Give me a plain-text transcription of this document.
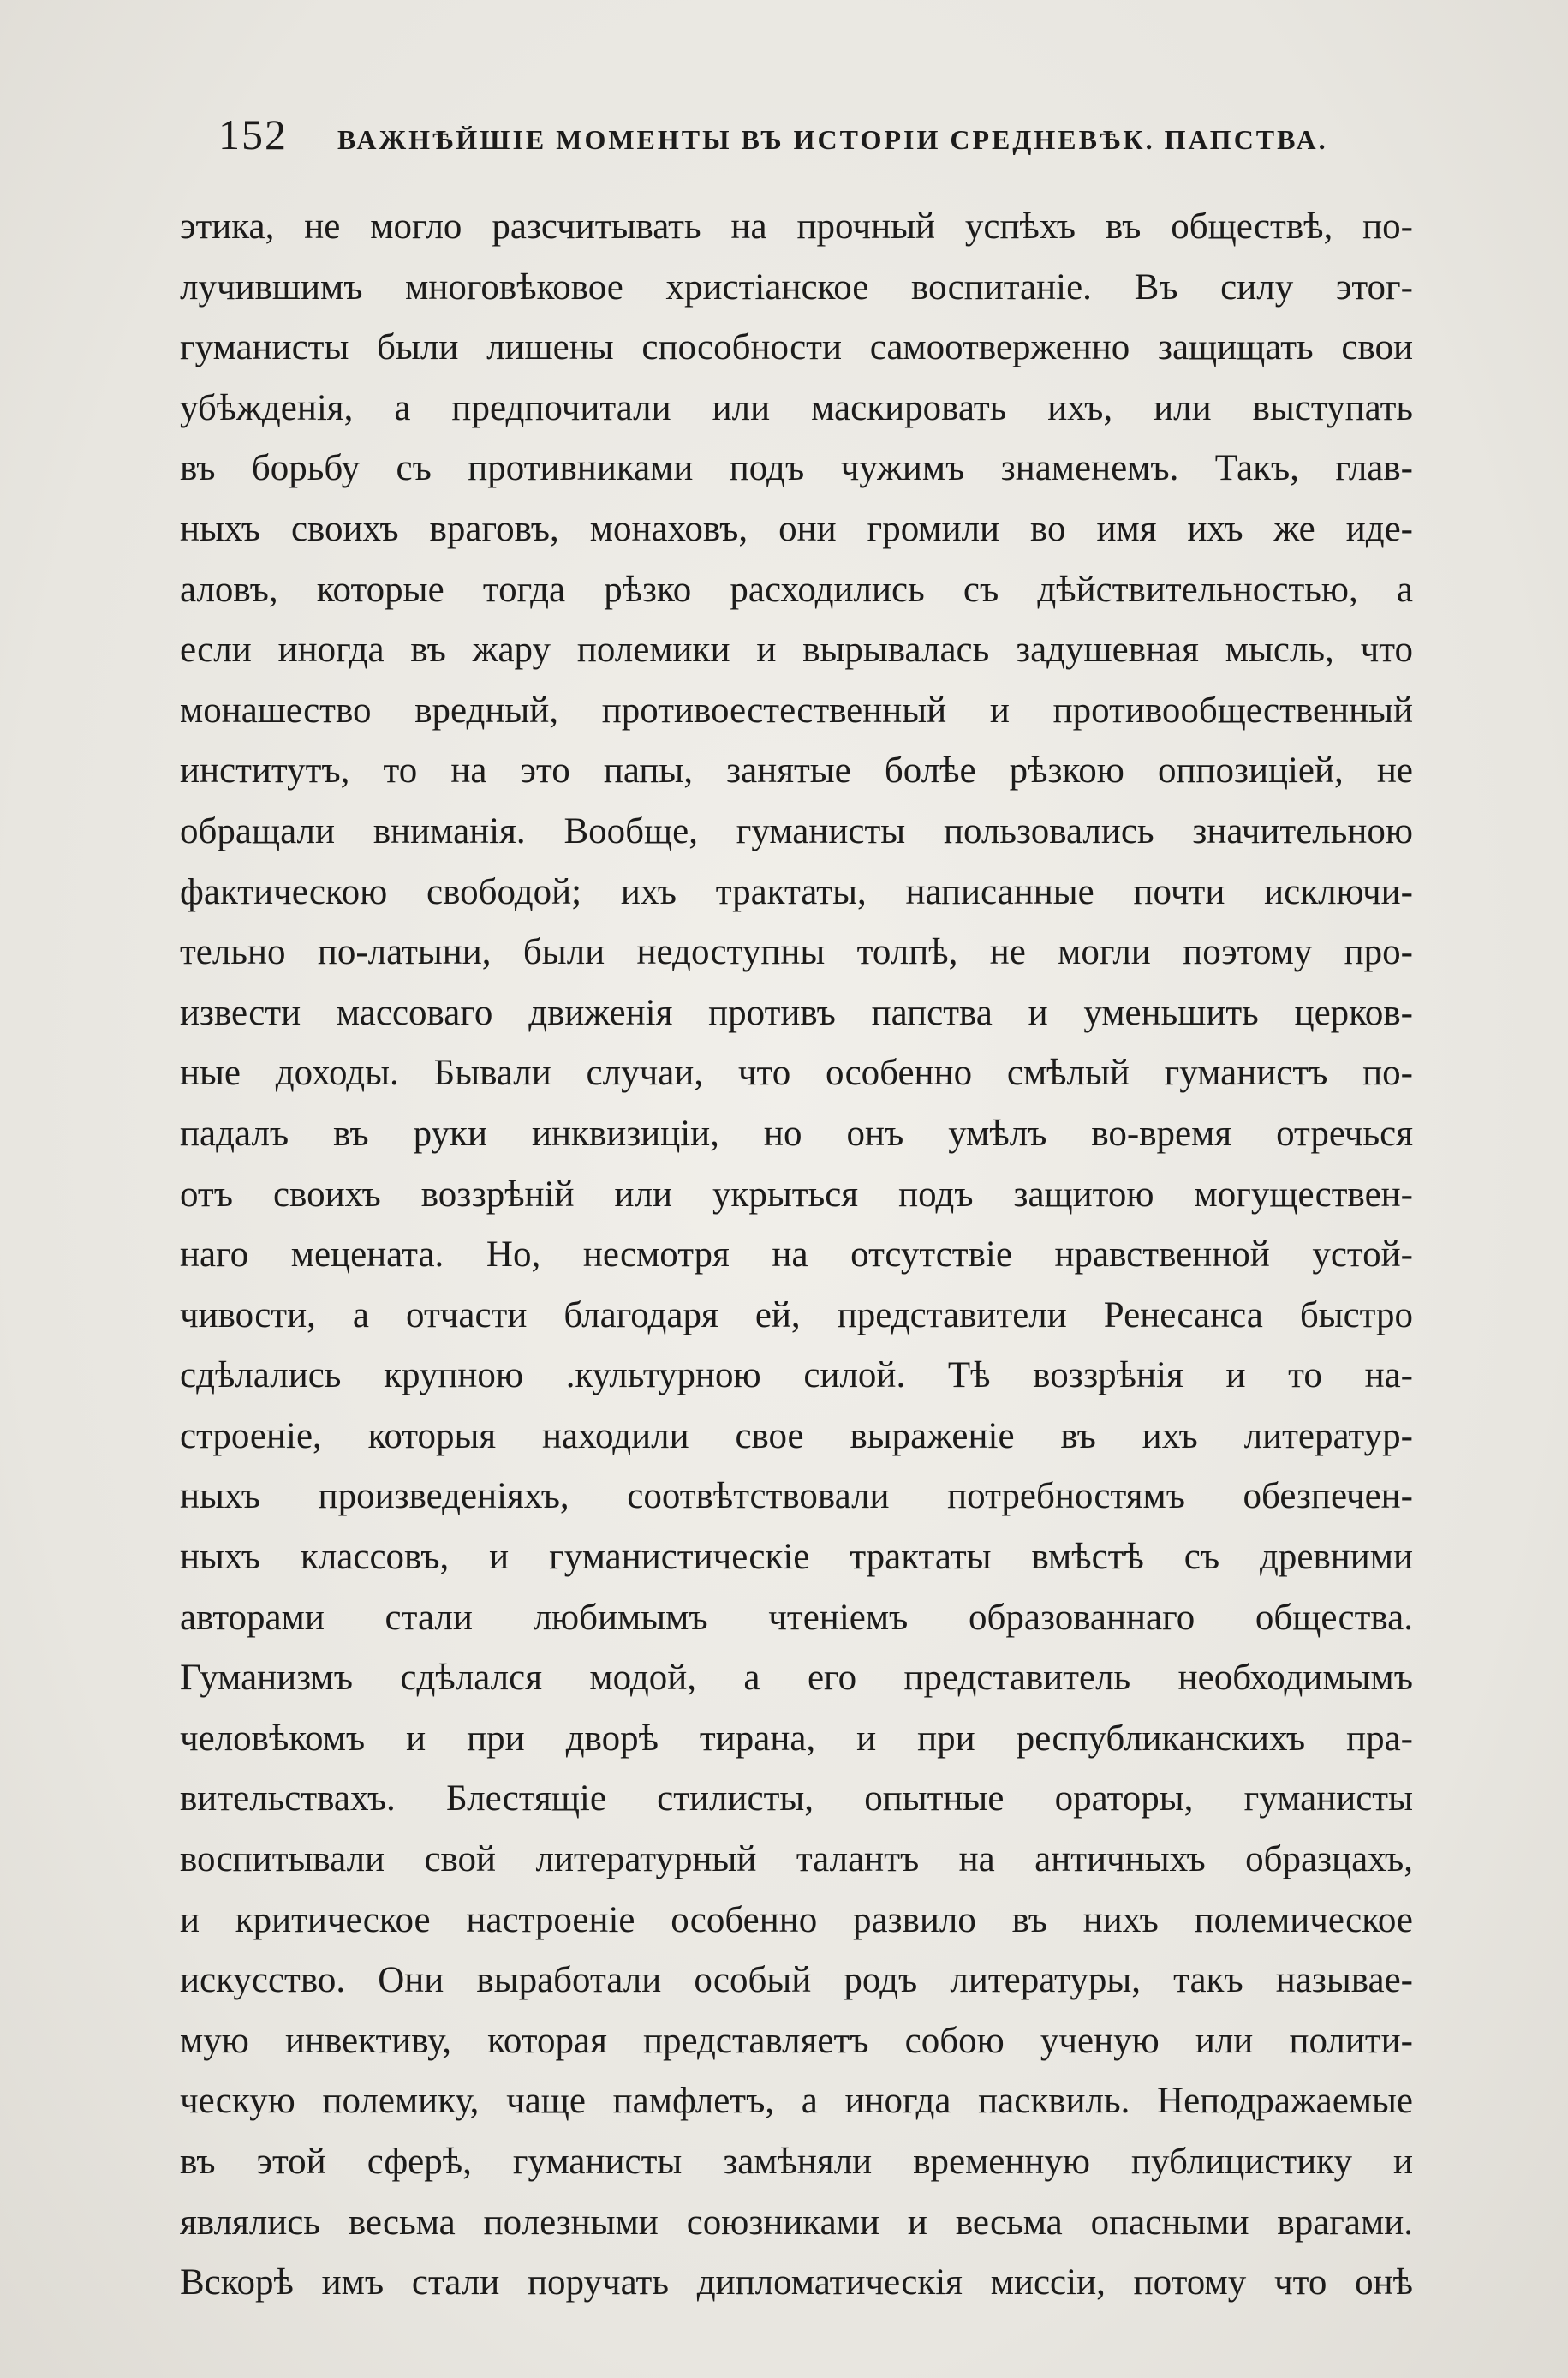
152 ВАЖНѢЙШІЕ МОМЕНТЫ ВЪ ИСТОРІИ СРЕДНЕВѢК. ПАПСТВА.
этика, не могло разсчитывать на прочный успѣхъ въ обществѣ, по-
лучившимъ многовѣковое христіанское воспитаніе. Въ силу этог-
гуманисты были лишены способности самоотверженно защищать свои
убѣжденія, а предпочитали или маскировать ихъ, или выступать
въ борьбу съ противниками подъ чужимъ знаменемъ. Такъ, глав-
ныхъ своихъ враговъ, монаховъ, они громили во имя ихъ же иде-
аловъ, которые тогда рѣзко расходились съ дѣйствительностью, а
если иногда въ жару полемики и вырывалась задушевная мысль, что
монашество вредный, противоестественный и противообщественный
институтъ, то на это папы, занятые болѣе рѣзкою оппозиціей, не
обращали вниманія. Вообще, гуманисты пользовались значительною
фактическою свободой; ихъ трактаты, написанные почти исключи-
тельно по-латыни, были недоступны толпѣ, не могли поэтому про-
извести массоваго движенія противъ папства и уменьшить церков-
ные доходы. Бывали случаи, что особенно смѣлый гуманистъ по-
падалъ въ руки инквизиціи, но онъ умѣлъ во-время отречься
отъ своихъ воззрѣній или укрыться подъ защитою могуществен-
наго мецената. Но, несмотря на отсутствіе нравственной устой-
чивости, а отчасти благодаря ей, представители Ренесанса быстро
сдѣлались крупною .культурною силой. Тѣ воззрѣнія и то на-
строеніе, которыя находили свое выраженіе въ ихъ литератур-
ныхъ произведеніяхъ, соотвѣтствовали потребностямъ обезпечен-
ныхъ классовъ, и гуманистическіе трактаты вмѣстѣ съ древними
авторами стали любимымъ чтеніемъ образованнаго общества.
Гуманизмъ сдѣлался модой, а его представитель необходимымъ
человѣкомъ и при дворѣ тирана, и при республиканскихъ пра-
вительствахъ. Блестящіе стилисты, опытные ораторы, гуманисты
воспитывали свой литературный талантъ на античныхъ образцахъ,
и критическое настроеніе особенно развило въ нихъ полемическое
искусство. Они выработали особый родъ литературы, такъ называе-
мую инвективу, которая представляетъ собою ученую или полити-
ческую полемику, чаще памфлетъ, а иногда пасквиль. Неподражаемые
въ этой сферѣ, гуманисты замѣняли временную публицистику и
являлись весьма полезными союзниками и весьма опасными врагами.
Вскорѣ имъ стали поручать дипломатическія миссіи, потому что онѣ
